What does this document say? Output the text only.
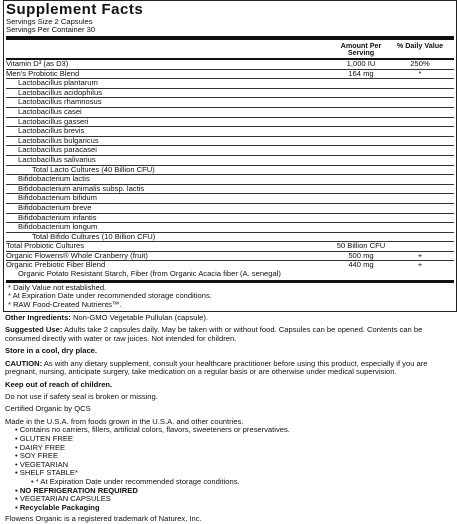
Supplement Facts
Servings Size 2 Capsules
Servings Per Container 30
Amount Per Serving
% Daily Value
Vitamin D³ (as D3)	1,000 IU	250%
Men's Probiotic Blend	164 mg	*
Lactobacillus plantarum
Lactobacillus acidophilus
Lactobacillus rhamnosus
Lactobacillus casei
Lactobacillus gasseri
Lactobacillus brevis
Lactobacillus bulgaricus
Lactobacillus paracasei
Lactobacillus salivarius
Total Lacto Cultures (40 Billion CFU)
Bifidobacterium lactis
Bifidobacterium animalis subsp. lactis
Bifidobacterium bifidum
Bifidobacterium breve
Bifidobacterium infantis
Bifidobacterium longum
Total Bifido Cultures (10 Billion CFU)
Total Probiotic Cultures	50 Billion CFU
Organic Flowens® Whole Cranberry (fruit)	500 mg	+
Organic Prebiotic Fiber Blend	440 mg	+
Organic Potato Resistant Starch, Fiber (from Organic Acacia fiber (A. senegal)
* Daily Value not established.
* At Expiration Date under recommended storage conditions.
* RAW Food-Created Nutrients™.

Other Ingredients: Non-GMO Vegetable Pullulan (capsule).

Suggested Use: Adults take 2 capsules daily. May be taken with or without food. Capsules can be opened. Contents can be consumed directly with water or raw juices. Not intended for children.

Store in a cool, dry place.

CAUTION: As with any dietary supplement, consult your healthcare practitioner before using this product, especially if you are pregnant, nursing, anticipate surgery, take medication on a regular basis or are otherwise under medical supervision.

Keep out of reach of children.

Do not use if safety seal is broken or missing.

Certified Organic by QCS

Made in the U.S.A. from foods grown in the U.S.A. and other countries.

• Contains no carriers, fillers, artificial colors, flavors, sweeteners or preservatives.
• GLUTEN FREE
• DAIRY FREE
• SOY FREE
• VEGETARIAN
• SHELF STABLE*
• * At Expiration Date under recommended storage conditions.
▪ NO REFRIGERATION REQUIRED
▪ VEGETARIAN CAPSULES
▪ Recyclable Packaging

Flowens Organic is a registered trademark of Naturex, Inc.
